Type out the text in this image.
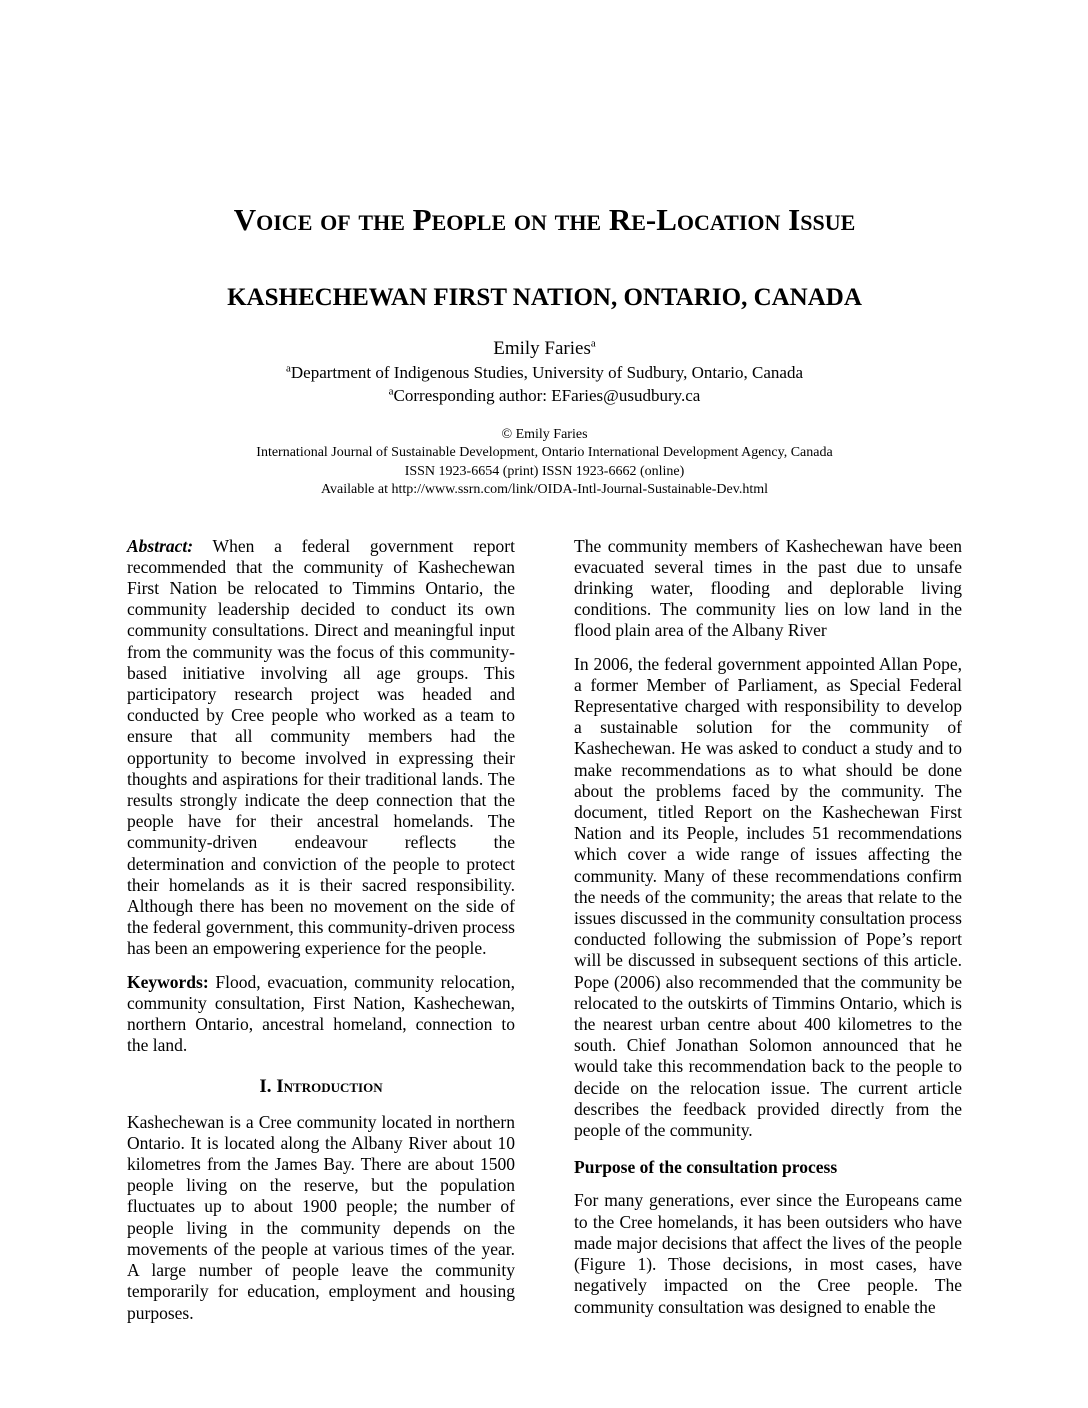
Voice of the People on the Re-Location Issue
KASHECHEWAN FIRST NATION, ONTARIO, CANADA
Emily Faries$^a$
$^a$Department of Indigenous Studies, University of Sudbury, Ontario, Canada
$^a$Corresponding author: EFaries@usudbury.ca
© Emily Faries
International Journal of Sustainable Development, Ontario International Development Agency, Canada
ISSN 1923-6654 (print) ISSN 1923-6662 (online)
Available at http://www.ssrn.com/link/OIDA-Intl-Journal-Sustainable-Dev.html

Abstract: When a federal government report recommended that the community of Kashechewan First Nation be relocated to Timmins Ontario, the community leadership decided to conduct its own community consultations. Direct and meaningful input from the community was the focus of this community-based initiative involving all age groups. This participatory research project was headed and conducted by Cree people who worked as a team to ensure that all community members had the opportunity to become involved in expressing their thoughts and aspirations for their traditional lands. The results strongly indicate the deep connection that the people have for their ancestral homelands. The community-driven endeavour reflects the determination and conviction of the people to protect their homelands as it is their sacred responsibility. Although there has been no movement on the side of the federal government, this community-driven process has been an empowering experience for the people.

Keywords: Flood, evacuation, community relocation, community consultation, First Nation, Kashechewan, northern Ontario, ancestral homeland, connection to the land.

I. Introduction

Kashechewan is a Cree community located in northern Ontario. It is located along the Albany River about 10 kilometres from the James Bay. There are about 1500 people living on the reserve, but the population fluctuates up to about 1900 people; the number of people living in the community depends on the movements of the people at various times of the year. A large number of people leave the community temporarily for education, employment and housing purposes.

The community members of Kashechewan have been evacuated several times in the past due to unsafe drinking water, flooding and deplorable living conditions. The community lies on low land in the flood plain area of the Albany River

In 2006, the federal government appointed Allan Pope, a former Member of Parliament, as Special Federal Representative charged with responsibility to develop a sustainable solution for the community of Kashechewan. He was asked to conduct a study and to make recommendations as to what should be done about the problems faced by the community. The document, titled Report on the Kashechewan First Nation and its People, includes 51 recommendations which cover a wide range of issues affecting the community. Many of these recommendations confirm the needs of the community; the areas that relate to the issues discussed in the community consultation process conducted following the submission of Pope’s report will be discussed in subsequent sections of this article. Pope (2006) also recommended that the community be relocated to the outskirts of Timmins Ontario, which is the nearest urban centre about 400 kilometres to the south. Chief Jonathan Solomon announced that he would take this recommendation back to the people to decide on the relocation issue. The current article describes the feedback provided directly from the people of the community.

Purpose of the consultation process

For many generations, ever since the Europeans came to the Cree homelands, it has been outsiders who have made major decisions that affect the lives of the people (Figure 1). Those decisions, in most cases, have negatively impacted on the Cree people. The community consultation was designed to enable the
